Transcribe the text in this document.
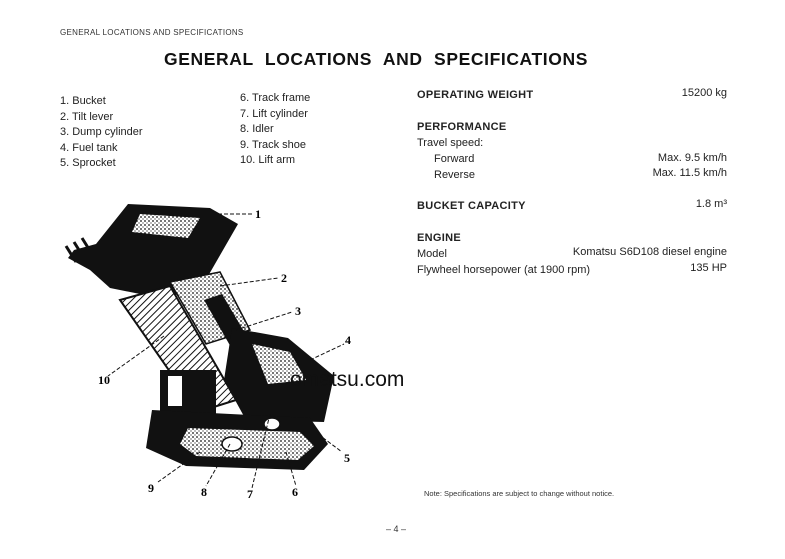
GENERAL LOCATIONS AND SPECIFICATIONS
GENERAL LOCATIONS AND SPECIFICATIONS
1. Bucket
2. Tilt lever
3. Dump cylinder
4. Fuel tank
5. Sprocket
6. Track frame
7. Lift cylinder
8. Idler
9. Track shoe
10. Lift arm
OPERATING WEIGHT	15200 kg
PERFORMANCE
Travel speed:
Forward	Max. 9.5 km/h
Reverse	Max. 11.5 km/h
BUCKET CAPACITY	1.8 m³
ENGINE
Model	Komatsu S6D108 diesel engine
Flywheel horsepower (at 1900 rpm)	135 HP
1
2
3
4
5
6
7
8
9
10	omatsu.com
Note: Specifications are subject to change without notice.
– 4 –
